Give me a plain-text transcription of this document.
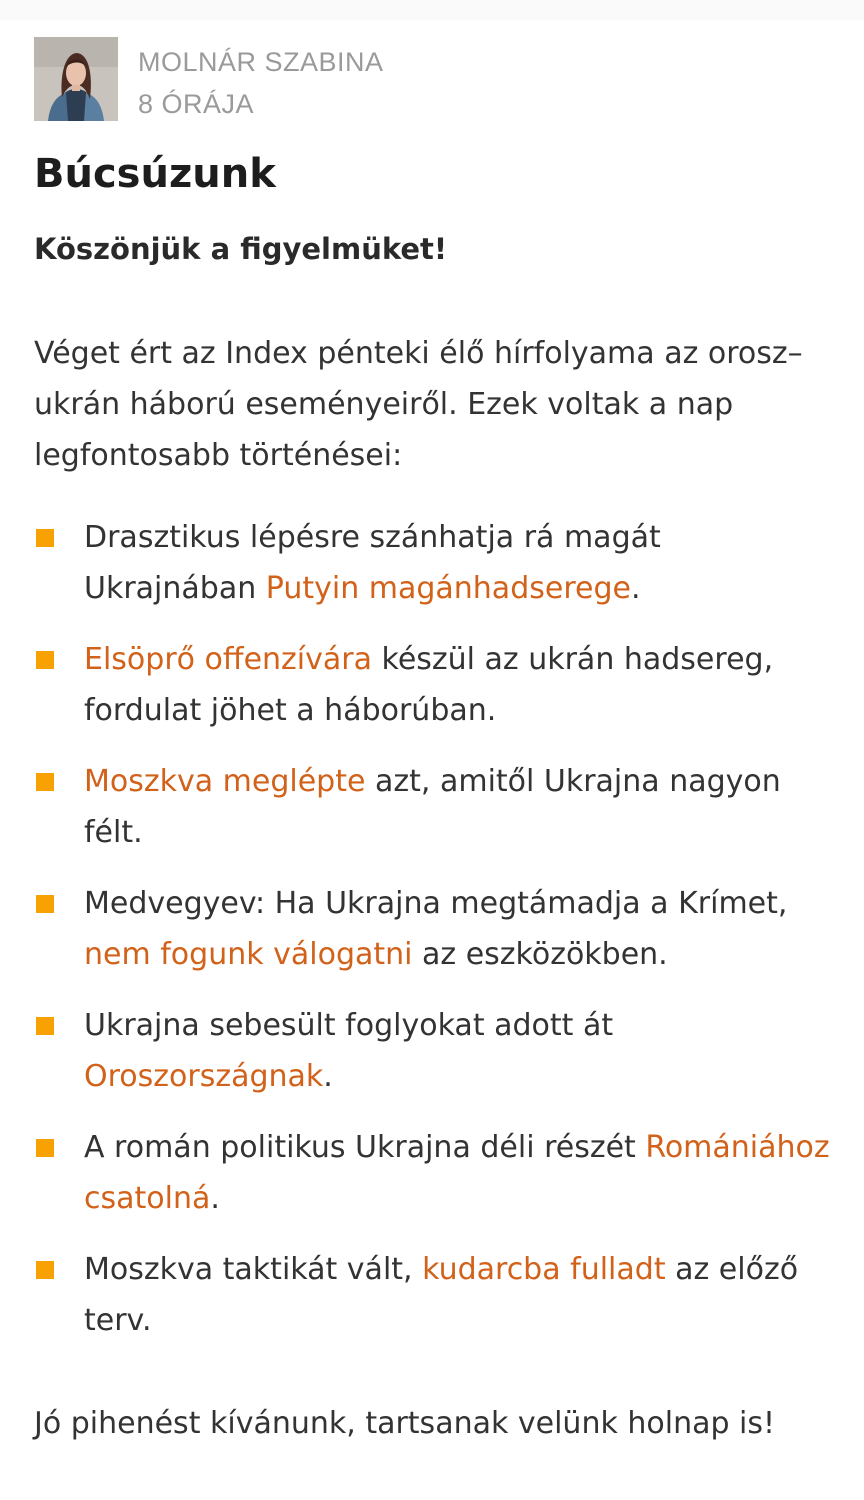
MOLNÁR SZABINA
8 ÓRÁJA
Búcsúzunk
Köszönjük a figyelmüket!

Véget ért az Index pénteki élő hírfolyama az orosz–ukrán háború eseményeiről. Ezek voltak a nap legfontosabb történései:

Drasztikus lépésre szánhatja rá magát Ukrajnában Putyin magánhadserege.
Elsöprő offenzívára készül az ukrán hadsereg, fordulat jöhet a háborúban.
Moszkva meglépte azt, amitől Ukrajna nagyon félt.
Medvegyev: Ha Ukrajna megtámadja a Krímet, nem fogunk válogatni az eszközökben.
Ukrajna sebesült foglyokat adott át Oroszországnak.
A román politikus Ukrajna déli részét Romániához csatolná.
Moszkva taktikát vált, kudarcba fulladt az előző terv.

Jó pihenést kívánunk, tartsanak velünk holnap is!
